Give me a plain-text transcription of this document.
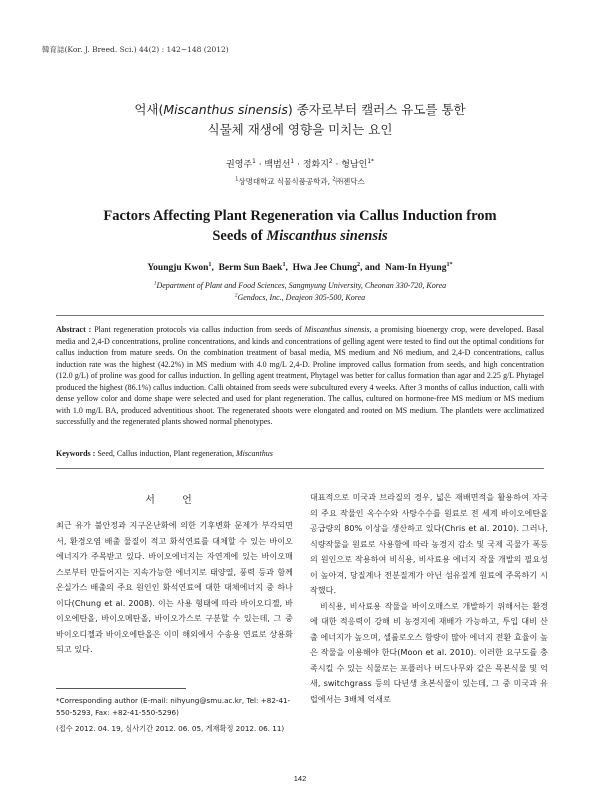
韓育誌(Kor. J. Breed. Sci.) 44(2) : 142~148 (2012)
억새(Miscanthus sinensis) 종자로부터 캘러스 유도를 통한
식물체 재생에 영향을 미치는 요인
권영주$^1$ · 백범선$^1$ · 정화지$^2$ · 형남인$^{1*}$
$^1$상명대학교 식물식품공학과, $^2$㈜젠닥스
Factors Affecting Plant Regeneration via Callus Induction from
Seeds of Miscanthus sinensis
Youngju Kwon$^1$,  Berm Sun Baek$^1$,  Hwa Jee Chung$^2$, and  Nam-In Hyung$^{1*}$
$^1$Department of Plant and Food Sciences, Sangmyung University, Cheonan 330-720, Korea
$^2$Gendocs, Inc., Deajeon 305-500, Korea

Abstract : Plant regeneration protocols via callus induction from seeds of Miscanthus sinensis, a promising bioenergy crop, were developed. Basal media and 2,4-D concentrations, proline concentrations, and kinds and concentrations of gelling agent were tested to find out the optimal conditions for callus induction from mature seeds. On the combination treatment of basal media, MS medium and N6 medium, and 2,4-D concentrations, callus induction rate was the highest (42.2%) in MS medium with 4.0 mg/L 2,4-D. Proline improved callus formation from seeds, and high concentration (12.0 g/L) of proline was good for callus induction. In gelling agent treatment, Phytagel was better for callus formation than agar and 2.25 g/L Phytagel produced the highest (86.1%) callus induction. Calli obtained from seeds were subcultured every 4 weeks. After 3 months of callus induction, calli with dense yellow color and dome shape were selected and used for plant regeneration. The callus, cultured on hormone-free MS medium or MS medium with 1.0 mg/L BA, produced adventitious shoot. The regenerated shoots were elongated and rooted on MS medium. The plantlets were acclimatized successfully and the regenerated plants showed normal phenotypes.

Keywords : Seed, Callus induction, Plant regeneration, Miscanthus

서 언

최근 유가 불안정과 지구온난화에 의한 기후변화 문제가 부각되면서, 환경오염 배출 물질이 적고 화석연료를 대체할 수 있는 바이오에너지가 주목받고 있다. 바이오에너지는 자연계에 있는 바이오매스로부터 만들어지는 지속가능한 에너지로 태양열, 풍력 등과 함께 온실가스 배출의 주요 원인인 화석연료에 대한 대체에너지 중 하나이다(Chung et al. 2008). 이는 사용 형태에 따라 바이오디젤, 바이오에탄올, 바이오메탄올, 바이오가스로 구분할 수 있는데, 그 중 바이오디젤과 바이오에탄올은 이미 해외에서 수송용 연료로 상용화되고 있다.

대표적으로 미국과 브라질의 경우, 넓은 재배면적을 활용하여 자국의 주요 작물인 옥수수와 사탕수수를 원료로 전 세계 바이오에탄올 공급량의 80% 이상을 생산하고 있다(Chris et al. 2010). 그러나, 식량작물을 원료로 사용함에 따라 농경지 감소 및 국제 곡물가 폭등의 원인으로 작용하여 비식용, 비사료용 에너지 작물 개발의 필요성이 높아져, 당질계나 전분질계가 아닌 섬유질계 원료에 주목하기 시작했다.
비식용, 비사료용 작물을 바이오매스로 개발하기 위해서는 환경에 대한 적응력이 강해 비 농경지에 재배가 가능하고, 투입 대비 산출 에너지가 높으며, 셀룰로오스 함량이 많아 에너지 전환 효율이 높은 작물을 이용해야 한다(Moon et al. 2010). 이러한 요구도를 충족시킬 수 있는 식물로는 포플러나 버드나무와 같은 목본식물 및 억새, switchgrass 등의 다년생 초본식물이 있는데, 그 중 미국과 유럽에서는 3배체 억새로

*Corresponding author (E-mail: nihyung@smu.ac.kr, Tel: +82-41-550-5293, Fax: +82-41-550-5296)

(접수 2012. 04. 19, 심사기간 2012. 06. 05, 게재확정 2012. 06. 11)
142
